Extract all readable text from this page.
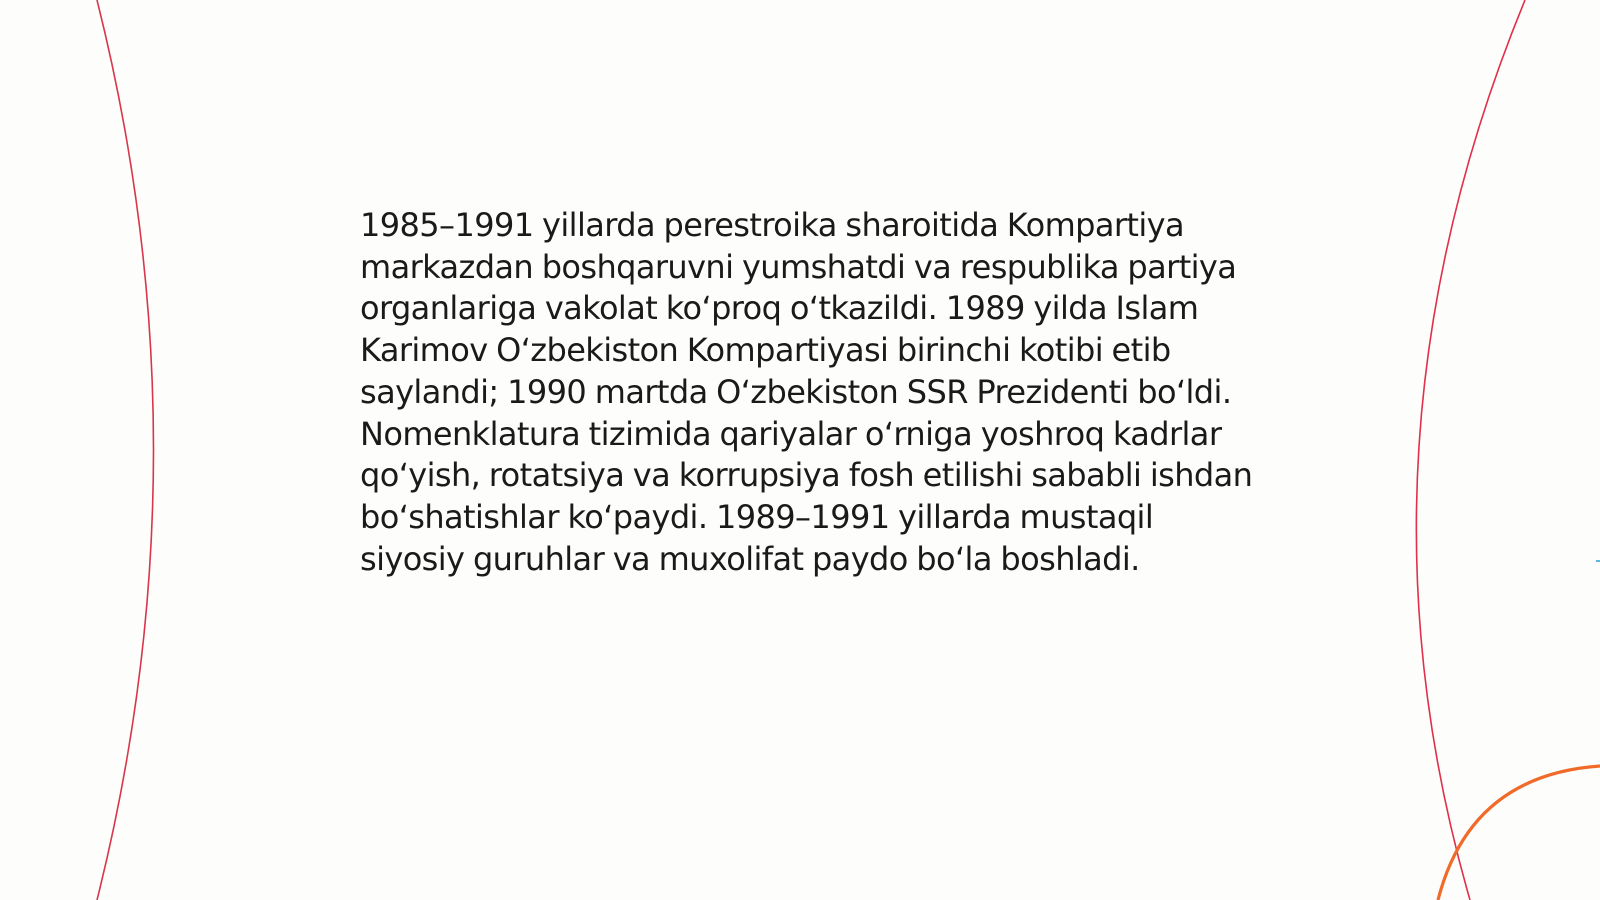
1985–1991 yillarda perestroika sharoitida Kompartiya markazdan boshqaruvni yumshatdi va respublika partiya organlariga vakolat koʻproq oʻtkazildi. 1989 yilda Islam Karimov Oʻzbekiston Kompartiyasi birinchi kotibi etib saylandi; 1990 martda Oʻzbekiston SSR Prezidenti boʻldi. Nomenklatura tizimida qariyalar oʻrniga yoshroq kadrlar qoʻyish, rotatsiya va korrupsiya fosh etilishi sababli ishdan boʻshatishlar koʻpaydi. 1989–1991 yillarda mustaqil siyosiy guruhlar va muxolifat paydo boʻla boshladi.
